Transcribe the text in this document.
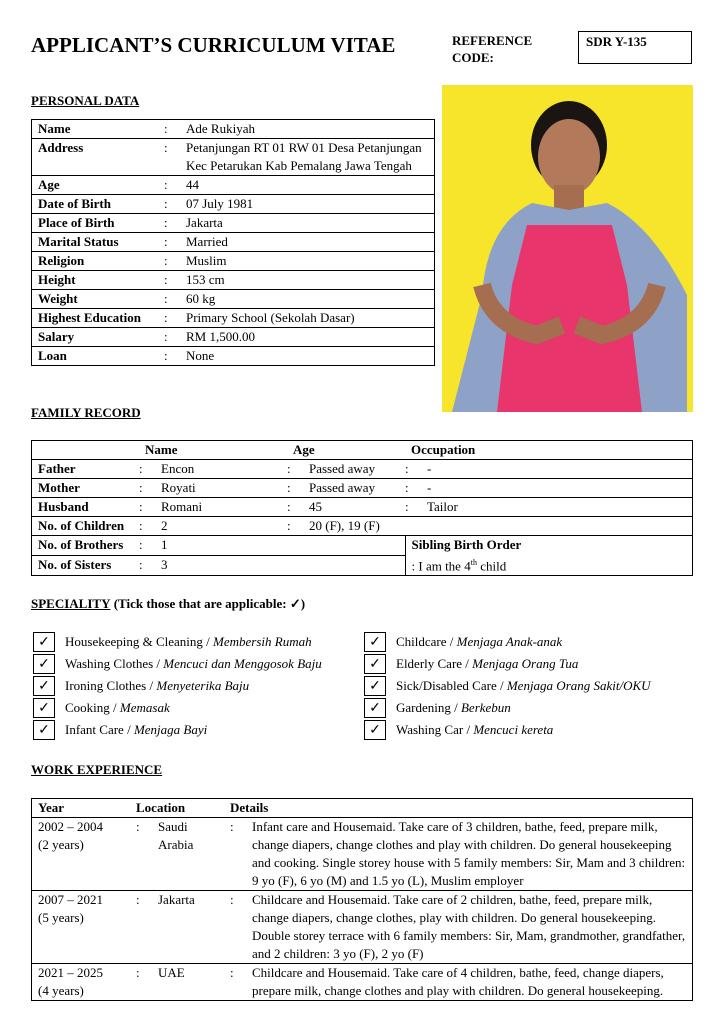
APPLICANT’S CURRICULUM VITAE	REFERENCE CODE:
SDR Y-135
PERSONAL DATA
Name	:	Ade Rukiyah
Address	:	Petanjungan RT 01 RW 01 Desa Petanjungan Kec Petarukan Kab Pemalang Jawa Tengah
Age	:	44
Date of Birth	:	07 July 1981
Place of Birth	:	Jakarta
Marital Status	:	Married
Religion	:	Muslim
Height	:	153 cm
Weight	:	60 kg
Highest Education	:	Primary School (Sekolah Dasar)
Salary	:	RM 1,500.00
Loan	:	None
FAMILY RECORD
	Name		Age		Occupation	
Father	:	Encon	:	Passed away	:	-
Mother	:	Royati	:	Passed away	:	-
Husband	:	Romani	:	45	:	Tailor
No. of Children	:	2	:	20 (F), 19 (F)		
No. of Brothers	:	1			Sibling Birth Order
: I am the 4th child	

No. of Sisters	:	3				
SPECIALITY (Tick those that are applicable: ✓)
✓	Housekeeping & Cleaning / Membersih Rumah
✓	Washing Clothes / Mencuci dan Menggosok Baju
✓	Ironing Clothes / Menyeterika Baju
✓	Cooking / Memasak
✓	Infant Care / Menjaga Bayi
✓	Childcare / Menjaga Anak-anak
✓	Elderly Care / Menjaga Orang Tua
✓	Sick/Disabled Care / Menjaga Orang Sakit/OKU
✓	Gardening / Berkebun
✓	Washing Car / Mencuci kereta
WORK EXPERIENCE
Year	Location		Details	

2002 – 2004
(2 years)	:	Saudi Arabia	:	Infant care and Housemaid. Take care of 3 children, bathe, feed, prepare milk, change diapers, change clothes and play with children. Do general housekeeping and cooking. Single storey house with 5 family members: Sir, Mam and 3 children: 9 yo (F), 6 yo (M) and 1.5 yo (L), Muslim employer

2007 – 2021
(5 years)	:	Jakarta	:	Childcare and Housemaid. Take care of 2 children, bathe, feed, prepare milk, change diapers, change clothes, play with children. Do general housekeeping. Double storey terrace with 6 family members: Sir, Mam, grandmother, grandfather, and 2 children: 3 yo (F), 2 yo (F)

2021 – 2025
(4 years)	:	UAE	:	Childcare and Housemaid. Take care of 4 children, bathe, feed, change diapers, prepare milk, change clothes and play with children. Do general housekeeping.
